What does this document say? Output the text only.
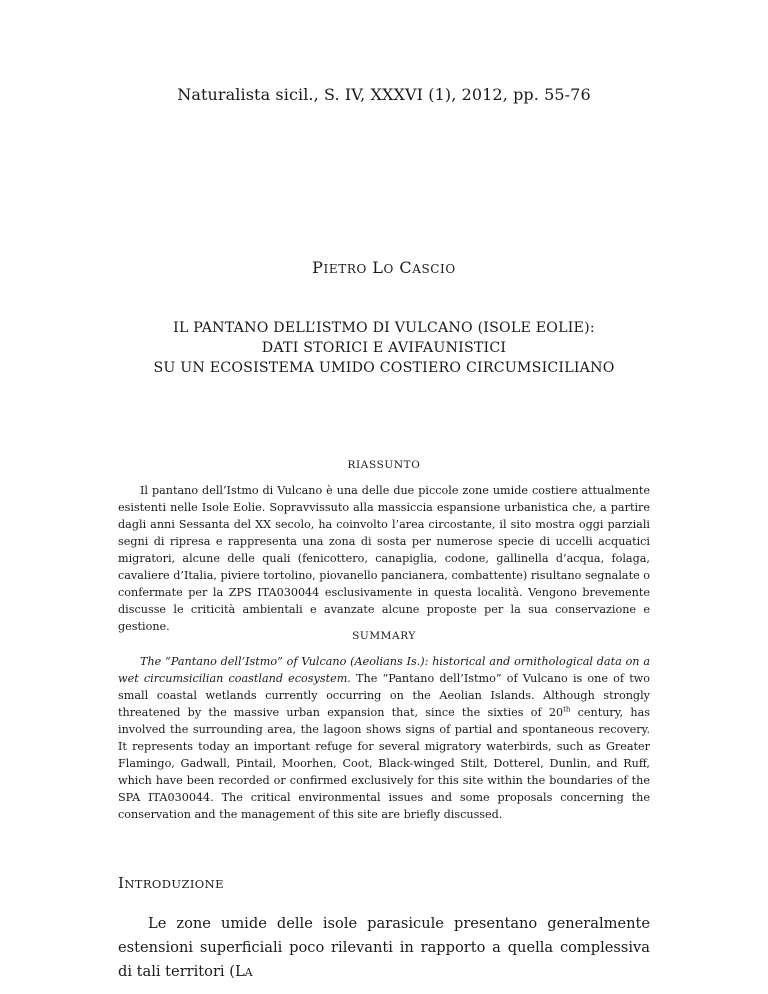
Naturalista sicil., S. IV, XXXVI (1), 2012, pp. 55-76
PIETRO LO CASCIO
IL PANTANO DELL’ISTMO DI VULCANO (ISOLE EOLIE):
DATI STORICI E AVIFAUNISTICI
SU UN ECOSISTEMA UMIDO COSTIERO CIRCUMSICILIANO
RIASSUNTO

Il pantano dell’Istmo di Vulcano è una delle due piccole zone umide costiere attualmente esistenti nelle Isole Eolie. Sopravvissuto alla massiccia espansione urbanistica che, a partire dagli anni Sessanta del XX secolo, ha coinvolto l’area circostante, il sito mostra oggi parziali segni di ripresa e rappresenta una zona di sosta per numerose specie di uccelli acquatici migratori, alcune delle quali (fenicottero, canapiglia, codone, gallinella d’acqua, folaga, cavaliere d’Italia, piviere tortolino, piovanello pancianera, combattente) risultano segnalate o confermate per la ZPS ITA030044 esclusivamente in questa località. Vengono brevemente discusse le criticità ambientali e avanzate alcune proposte per la sua conservazione e gestione.

SUMMARY

The “Pantano dell’Istmo” of Vulcano (Aeolians Is.): historical and ornithological data on a wet circumsicilian coastland ecosystem. The “Pantano dell’Istmo” of Vulcano is one of two small coastal wetlands currently occurring on the Aeolian Islands. Although strongly threatened by the massive urban expansion that, since the sixties of 20th century, has involved the surrounding area, the lagoon shows signs of partial and spontaneous recovery. It represents today an important refuge for several migratory waterbirds, such as Greater Flamingo, Gadwall, Pintail, Moorhen, Coot, Black-winged Stilt, Dotterel, Dunlin, and Ruff, which have been recorded or confirmed exclusively for this site within the boundaries of the SPA ITA030044. The critical environmental issues and some proposals concerning the conservation and the management of this site are briefly discussed.

INTRODUZIONE

Le zone umide delle isole parasicule presentano generalmente estensioni superficiali poco rilevanti in rapporto a quella complessiva di tali territori (LA
